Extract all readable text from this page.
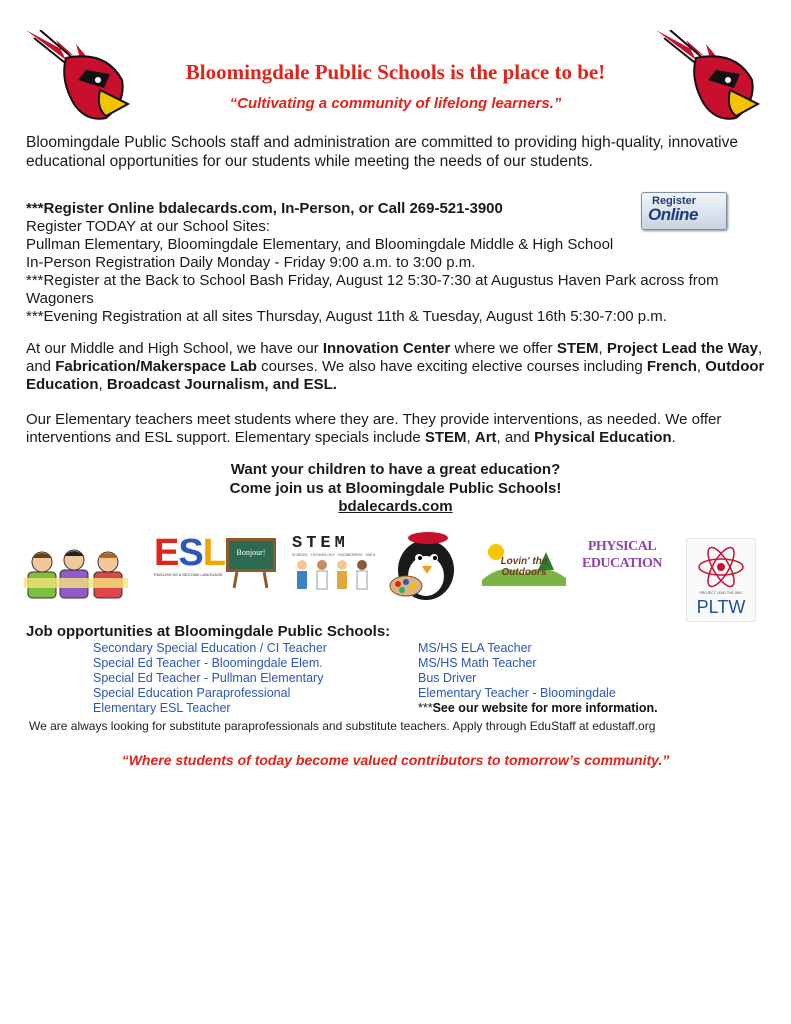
Bloomingdale Public Schools is the place to be!
“Cultivating a community of lifelong learners.”
Bloomingdale Public Schools staff and administration are committed to providing high-quality, innovative educational opportunities for our students while meeting the needs of our students.
***Register Online bdalecards.com, In-Person, or Call 269-521-3900
Register TODAY at our School Sites:
Pullman Elementary, Bloomingdale Elementary, and Bloomingdale Middle & High School
In-Person Registration Daily Monday - Friday 9:00 a.m. to 3:00 p.m.
***Register at the Back to School Bash Friday, August 12 5:30-7:30 at Augustus Haven Park across from Wagoners
***Evening Registration at all sites Thursday, August 11th & Tuesday, August 16th 5:30-7:00 p.m.
Register
Online
At our Middle and High School, we have our Innovation Center where we offer STEM, Project Lead the Way, and Fabrication/Makerspace Lab courses. We also have exciting elective courses including French, Outdoor Education, Broadcast Journalism, and ESL.
Our Elementary teachers meet students where they are. They provide interventions, as needed. We offer interventions and ESL support. Elementary specials include STEM, Art, and Physical Education.
Want your children to have a great education?
Come join us at Bloomingdale Public Schools!
bdalecards.com
ESL
ENGLISH AS A SECOND LANGUAGE
Bonjour!	STEM
SCIENCE · TECHNOLOGY · ENGINEERING · MATH
Lovin' the Outdoors
PHYSICAL EDUCATION
PROJECT LEAD THE WAY
PLTW
Job opportunities at Bloomingdale Public Schools:
Secondary Special Education / CI Teacher
Special Ed Teacher - Bloomingdale Elem.
Special Ed Teacher - Pullman Elementary
Special Education Paraprofessional
Elementary ESL Teacher
MS/HS ELA Teacher
MS/HS Math Teacher
Bus Driver
Elementary Teacher - Bloomingdale
***See our website for more information.
We are always looking for substitute paraprofessionals and substitute teachers. Apply through EduStaff at edustaff.org
“Where students of today become valued contributors to tomorrow’s community.”
